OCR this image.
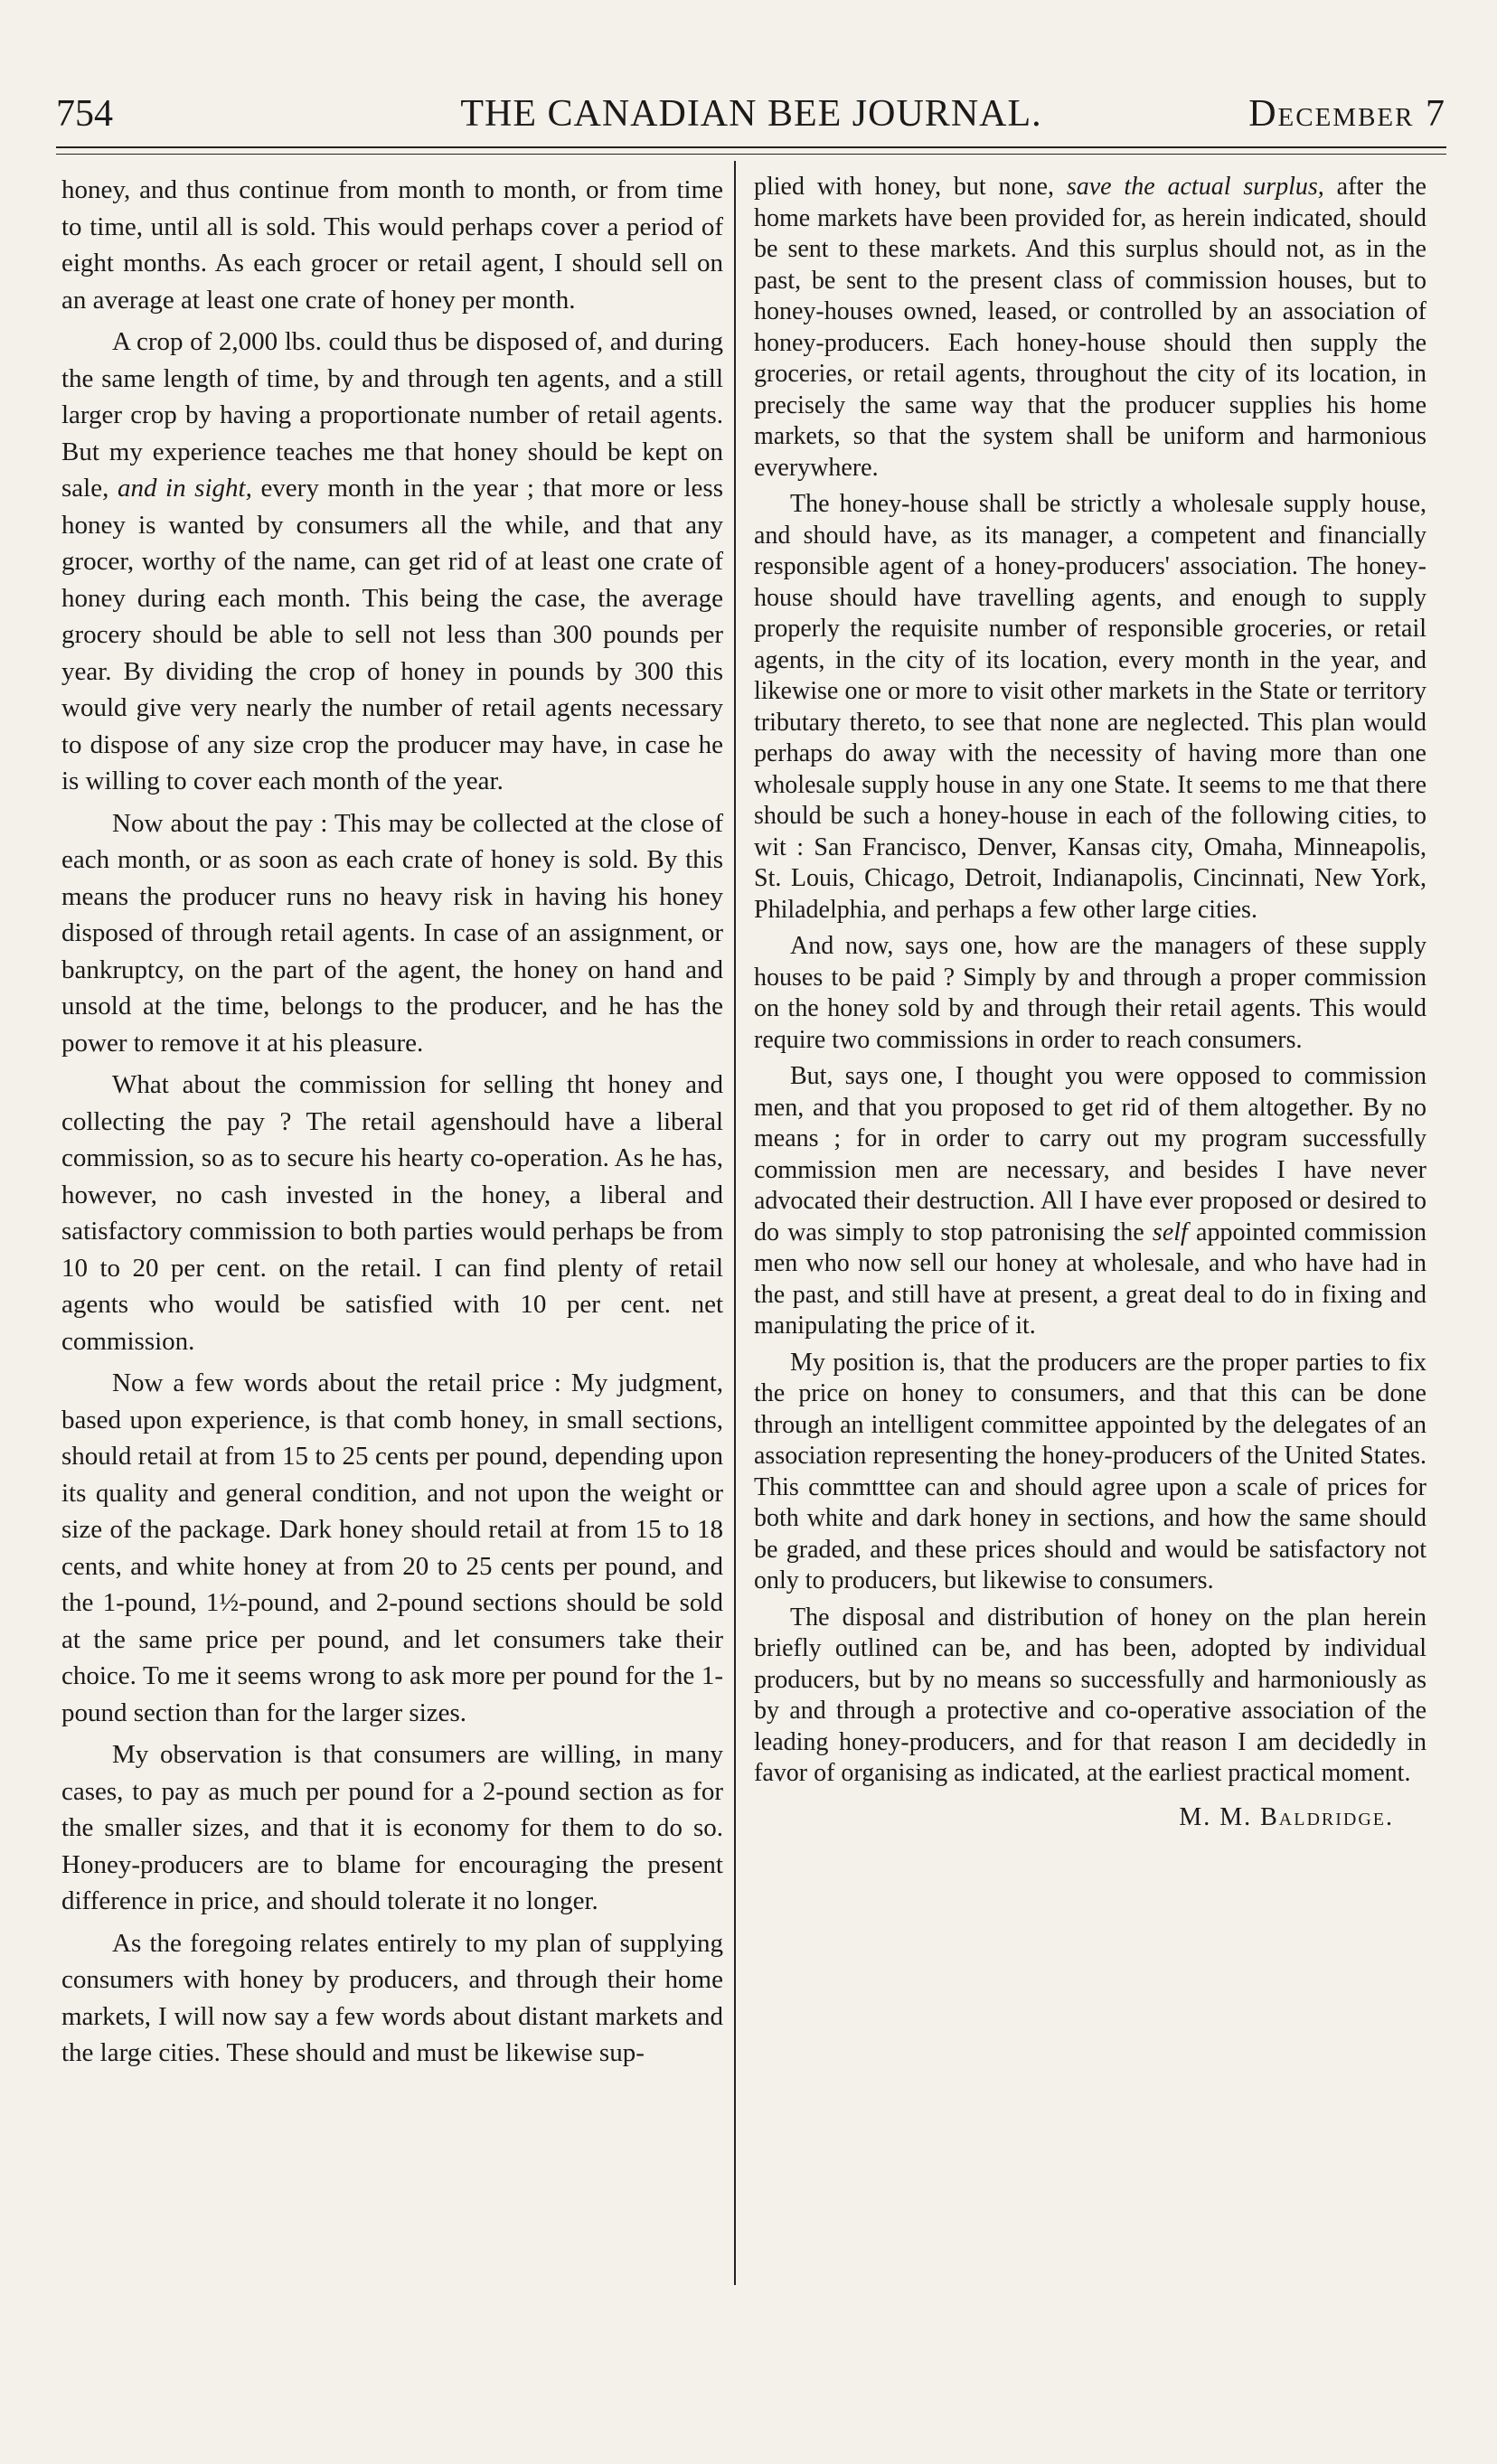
754	THE CANADIAN BEE JOURNAL.	December 7

honey, and thus continue from month to month, or from time to time, until all is sold. This would perhaps cover a period of eight months. As each grocer or retail agent, I should sell on an average at least one crate of honey per month.

A crop of 2,000 lbs. could thus be disposed of, and during the same length of time, by and through ten agents, and a still larger crop by having a proportionate number of retail agents. But my experience teaches me that honey should be kept on sale, and in sight, every month in the year ; that more or less honey is wanted by consumers all the while, and that any grocer, worthy of the name, can get rid of at least one crate of honey during each month. This being the case, the average grocery should be able to sell not less than 300 pounds per year. By dividing the crop of honey in pounds by 300 this would give very nearly the number of retail agents necessary to dispose of any size crop the producer may have, in case he is willing to cover each month of the year.

Now about the pay : This may be collected at the close of each month, or as soon as each crate of honey is sold. By this means the producer runs no heavy risk in having his honey disposed of through retail agents. In case of an assignment, or bankruptcy, on the part of the agent, the honey on hand and unsold at the time, belongs to the producer, and he has the power to remove it at his pleasure.

What about the commission for selling tht honey and collecting the pay ? The retail agenshould have a liberal commission, so as to secure his hearty co-operation. As he has, however, no cash invested in the honey, a liberal and satisfactory commission to both parties would perhaps be from 10 to 20 per cent. on the retail. I can find plenty of retail agents who would be satisfied with 10 per cent. net commission.

Now a few words about the retail price : My judgment, based upon experience, is that comb honey, in small sections, should retail at from 15 to 25 cents per pound, depending upon its quality and general condition, and not upon the weight or size of the package. Dark honey should retail at from 15 to 18 cents, and white honey at from 20 to 25 cents per pound, and the 1-pound, 1½-pound, and 2-pound sections should be sold at the same price per pound, and let consumers take their choice. To me it seems wrong to ask more per pound for the 1-pound section than for the larger sizes.

My observation is that consumers are willing, in many cases, to pay as much per pound for a 2-pound section as for the smaller sizes, and that it is economy for them to do so. Honey-producers are to blame for encouraging the present difference in price, and should tolerate it no longer.

As the foregoing relates entirely to my plan of supplying consumers with honey by producers, and through their home markets, I will now say a few words about distant markets and the large cities. These should and must be likewise sup-

plied with honey, but none, save the actual surplus, after the home markets have been provided for, as herein indicated, should be sent to these markets. And this surplus should not, as in the past, be sent to the present class of commission houses, but to honey-houses owned, leased, or controlled by an association of honey-producers. Each honey-house should then supply the groceries, or retail agents, throughout the city of its location, in precisely the same way that the producer supplies his home markets, so that the system shall be uniform and harmonious everywhere.

The honey-house shall be strictly a wholesale supply house, and should have, as its manager, a competent and financially responsible agent of a honey-producers' association. The honey-house should have travelling agents, and enough to supply properly the requisite number of responsible groceries, or retail agents, in the city of its location, every month in the year, and likewise one or more to visit other markets in the State or territory tributary thereto, to see that none are neglected. This plan would perhaps do away with the necessity of having more than one wholesale supply house in any one State. It seems to me that there should be such a honey-house in each of the following cities, to wit : San Francisco, Denver, Kansas city, Omaha, Minneapolis, St. Louis, Chicago, Detroit, Indianapolis, Cincinnati, New York, Philadelphia, and perhaps a few other large cities.

And now, says one, how are the managers of these supply houses to be paid ? Simply by and through a proper commission on the honey sold by and through their retail agents. This would require two commissions in order to reach consumers.

But, says one, I thought you were opposed to commission men, and that you proposed to get rid of them altogether. By no means ; for in order to carry out my program successfully commission men are necessary, and besides I have never advocated their destruction. All I have ever proposed or desired to do was simply to stop patronising the self appointed commission men who now sell our honey at wholesale, and who have had in the past, and still have at present, a great deal to do in fixing and manipulating the price of it.

My position is, that the producers are the proper parties to fix the price on honey to consumers, and that this can be done through an intelligent committee appointed by the delegates of an association representing the honey-producers of the United States. This commtttee can and should agree upon a scale of prices for both white and dark honey in sections, and how the same should be graded, and these prices should and would be satisfactory not only to producers, but likewise to consumers.

The disposal and distribution of honey on the plan herein briefly outlined can be, and has been, adopted by individual producers, but by no means so successfully and harmoniously as by and through a protective and co-operative association of the leading honey-producers, and for that reason I am decidedly in favor of organising as indicated, at the earliest practical moment.

M. M. Baldridge.
